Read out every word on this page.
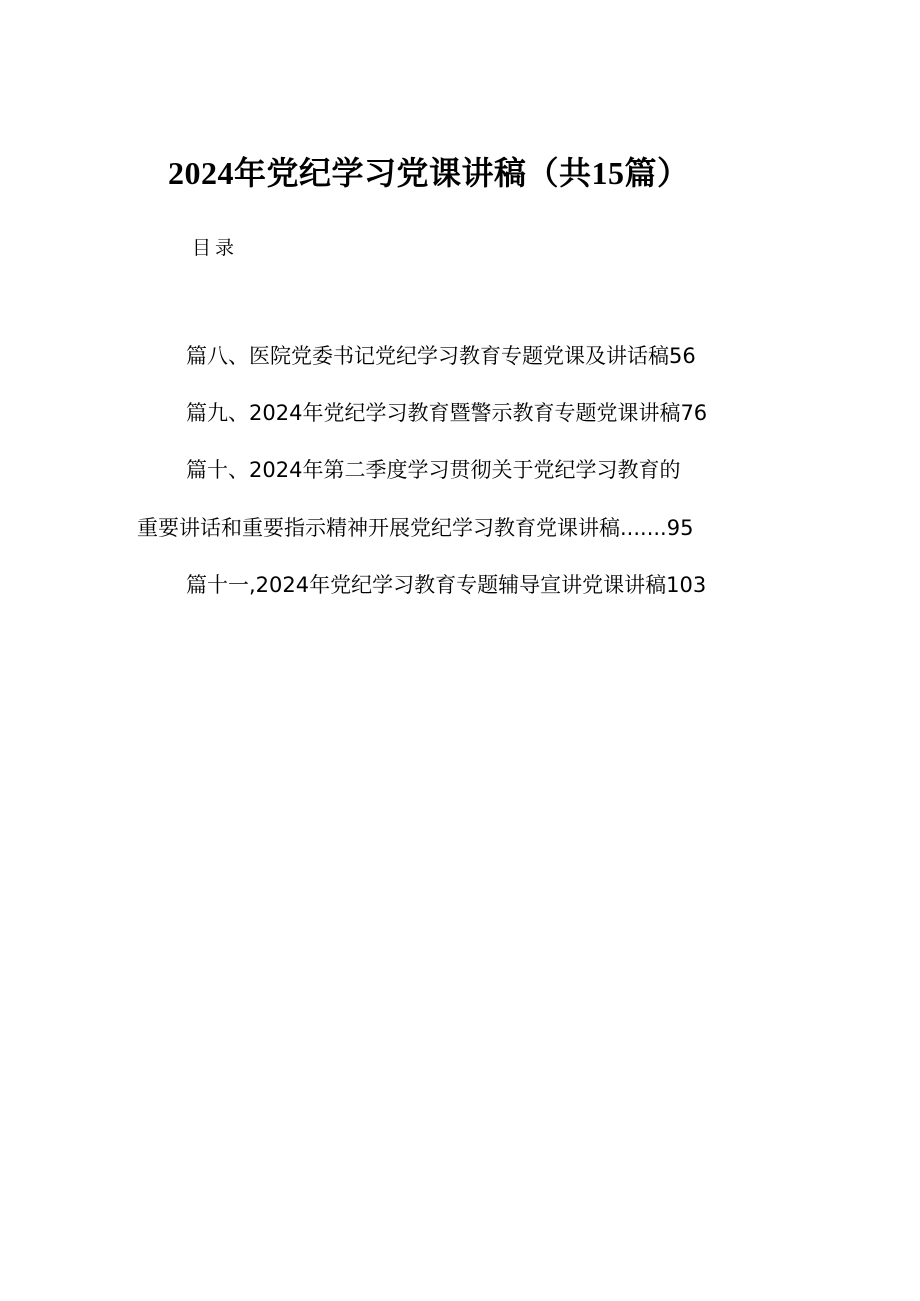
2024年党纪学习党课讲稿（共15篇）
目录
篇八、医院党委书记党纪学习教育专题党课及讲话稿56
篇九、2024年党纪学习教育暨警示教育专题党课讲稿76
篇十、2024年第二季度学习贯彻关于党纪学习教育的
重要讲话和重要指示精神开展党纪学习教育党课讲稿.......95
篇十一,2024年党纪学习教育专题辅导宣讲党课讲稿103
